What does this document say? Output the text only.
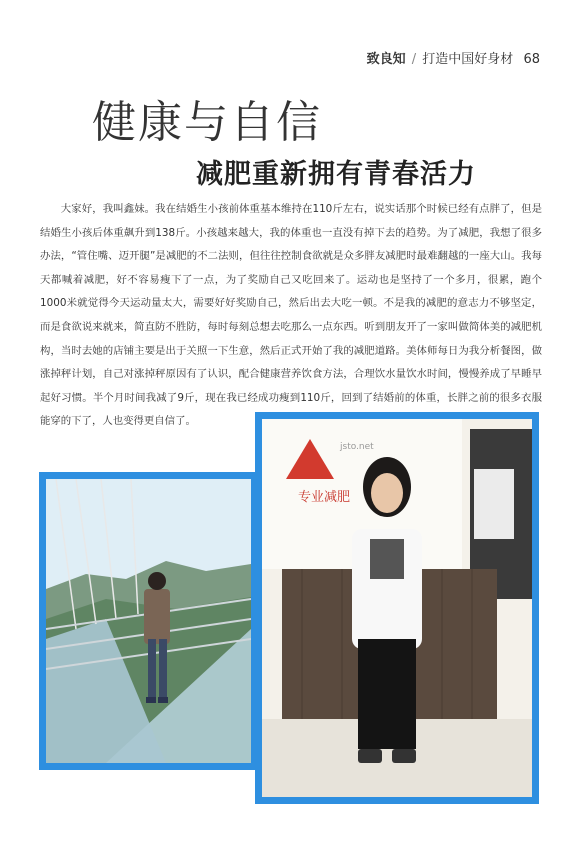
致良知 / 打造中国好身材 68
健康与自信
减肥重新拥有青春活力

大家好，我叫鑫妹。我在结婚生小孩前体重基本维持在110斤左右，说实话那个时候已经有点胖了，但是结婚生小孩后体重飙升到138斤。小孩越来越大，我的体重也一直没有掉下去的趋势。为了减肥，我想了很多办法，“管住嘴、迈开腿”是减肥的不二法则，但往往控制食欲就是众多胖友减肥时最难翻越的一座大山。我每天都喊着减肥，好不容易瘦下了一点，为了奖励自己又吃回来了。运动也是坚持了一个多月，很累，跑个1000米就觉得今天运动量太大，需要好好奖励自己，然后出去大吃一顿。不是我的减肥的意志力不够坚定，而是食欲说来就来，简直防不胜防，每时每刻总想去吃那么一点东西。听到朋友开了一家叫做简体美的减肥机构，当时去她的店铺主要是出于关照一下生意，然后正式开始了我的减肥道路。美体师每日为我分析餐图，做涨掉秤计划，自己对涨掉秤原因有了认识，配合健康营养饮食方法，合理饮水量饮水时间，慢慢养成了早睡早起好习惯。半个月时间我减了9斤，现在我已经成功瘦到110斤，回到了结婚前的体重，长胖之前的很多衣服能穿的下了，人也变得更自信了。

jsto.net
专业减肥
